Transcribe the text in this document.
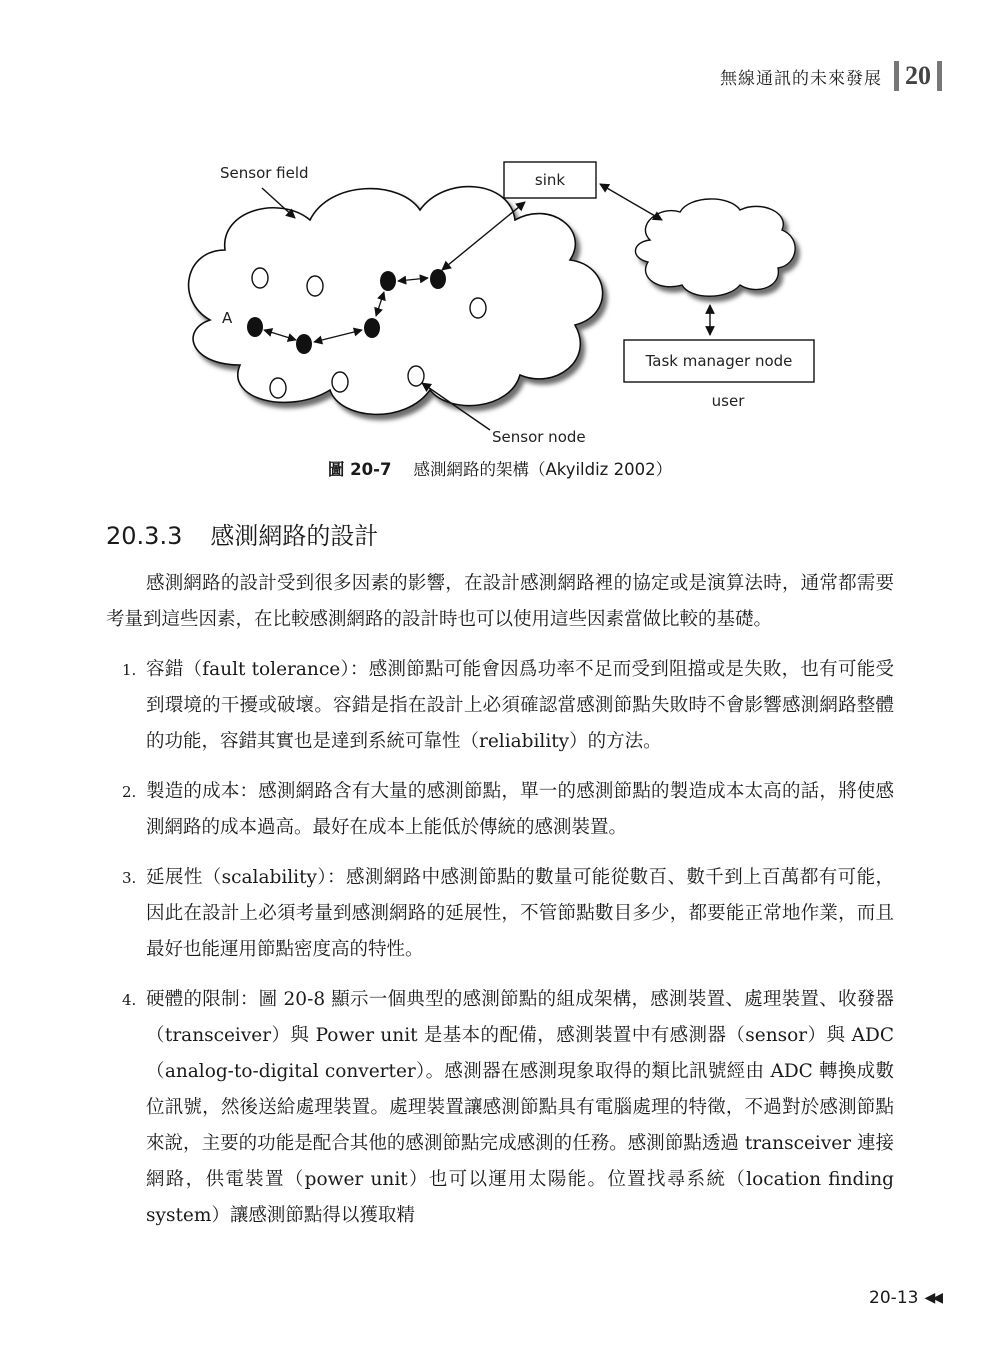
無線通訊的未來發展 20
sink
Task manager node
user
Sensor field
A
Sensor node
圖 20-7 感測網路的架構（Akyildiz 2002）
20.3.3 感測網路的設計

感測網路的設計受到很多因素的影響，在設計感測網路裡的協定或是演算法時，通常都需要考量到這些因素，在比較感測網路的設計時也可以使用這些因素當做比較的基礎。

1. 容錯（fault tolerance）：感測節點可能會因爲功率不足而受到阻擋或是失敗，也有可能受到環境的干擾或破壞。容錯是指在設計上必須確認當感測節點失敗時不會影響感測網路整體的功能，容錯其實也是達到系統可靠性（reliability）的方法。
2. 製造的成本：感測網路含有大量的感測節點，單一的感測節點的製造成本太高的話，將使感測網路的成本過高。最好在成本上能低於傳統的感測裝置。
3. 延展性（scalability）：感測網路中感測節點的數量可能從數百、數千到上百萬都有可能，因此在設計上必須考量到感測網路的延展性，不管節點數目多少，都要能正常地作業，而且最好也能運用節點密度高的特性。
4. 硬體的限制：圖 20-8 顯示一個典型的感測節點的組成架構，感測裝置、處理裝置、收發器（transceiver）與 Power unit 是基本的配備，感測裝置中有感測器（sensor）與 ADC（analog-to-digital converter）。感測器在感測現象取得的類比訊號經由 ADC 轉換成數位訊號，然後送給處理裝置。處理裝置讓感測節點具有電腦處理的特徵，不過對於感測節點來說，主要的功能是配合其他的感測節點完成感測的任務。感測節點透過 transceiver 連接網路，供電裝置（power unit）也可以運用太陽能。位置找尋系統（location finding system）讓感測節點得以獲取精
20-13 ◀◀
